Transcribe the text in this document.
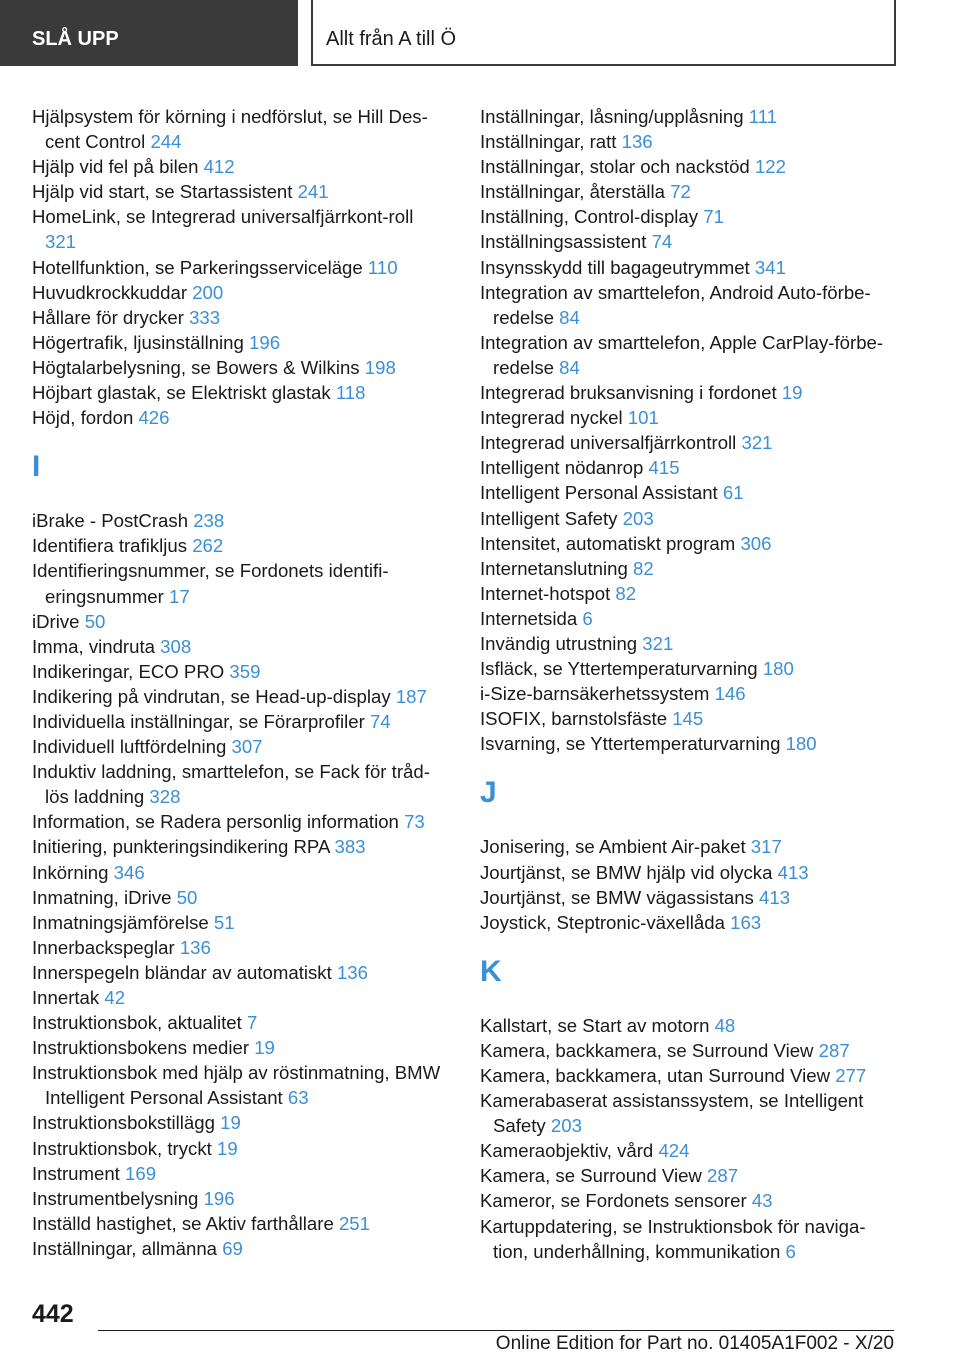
SLÅ UPP	Allt från A till Ö
Hjälpsystem för körning i nedförslut, se Hill Des-cent Control 244
Hjälp vid fel på bilen 412
Hjälp vid start, se Startassistent 241
HomeLink, se Integrerad universalfjärrkont-roll 321
Hotellfunktion, se Parkeringsserviceläge 110
Huvudkrockkuddar 200
Hållare för drycker 333
Högertrafik, ljusinställning 196
Högtalarbelysning, se Bowers & Wilkins 198
Höjbart glastak, se Elektriskt glastak 118
Höjd, fordon 426
I
iBrake - PostCrash 238
Identifiera trafikljus 262
Identifieringsnummer, se Fordonets identifi-eringsnummer 17
iDrive 50
Imma, vindruta 308
Indikeringar, ECO PRO 359
Indikering på vindrutan, se Head-up-display 187
Individuella inställningar, se Förarprofiler 74
Individuell luftfördelning 307
Induktiv laddning, smarttelefon, se Fack för tråd-lös laddning 328
Information, se Radera personlig information 73
Initiering, punkteringsindikering RPA 383
Inkörning 346
Inmatning, iDrive 50
Inmatningsjämförelse 51
Innerbackspeglar 136
Innerspegeln bländar av automatiskt 136
Innertak 42
Instruktionsbok, aktualitet 7
Instruktionsbokens medier 19
Instruktionsbok med hjälp av röstinmatning, BMW Intelligent Personal Assistant 63
Instruktionsbokstillägg 19
Instruktionsbok, tryckt 19
Instrument 169
Instrumentbelysning 196
Inställd hastighet, se Aktiv farthållare 251
Inställningar, allmänna 69
Inställningar, låsning/upplåsning 111
Inställningar, ratt 136
Inställningar, stolar och nackstöd 122
Inställningar, återställa 72
Inställning, Control-display 71
Inställningsassistent 74
Insynsskydd till bagageutrymmet 341
Integration av smarttelefon, Android Auto-förbe-redelse 84
Integration av smarttelefon, Apple CarPlay-förbe-redelse 84
Integrerad bruksanvisning i fordonet 19
Integrerad nyckel 101
Integrerad universalfjärrkontroll 321
Intelligent nödanrop 415
Intelligent Personal Assistant 61
Intelligent Safety 203
Intensitet, automatiskt program 306
Internetanslutning 82
Internet-hotspot 82
Internetsida 6
Invändig utrustning 321
Isfläck, se Yttertemperaturvarning 180
i-Size-barnsäkerhetssystem 146
ISOFIX, barnstolsfäste 145
Isvarning, se Yttertemperaturvarning 180
J
Jonisering, se Ambient Air-paket 317
Jourtjänst, se BMW hjälp vid olycka 413
Jourtjänst, se BMW vägassistans 413
Joystick, Steptronic-växellåda 163
K
Kallstart, se Start av motorn 48
Kamera, backkamera, se Surround View 287
Kamera, backkamera, utan Surround View 277
Kamerabaserat assistanssystem, se Intelligent Safety 203
Kameraobjektiv, vård 424
Kamera, se Surround View 287
Kameror, se Fordonets sensorer 43
Kartuppdatering, se Instruktionsbok för naviga-tion, underhållning, kommunikation 6
442
Online Edition for Part no. 01405A1F002 - X/20
